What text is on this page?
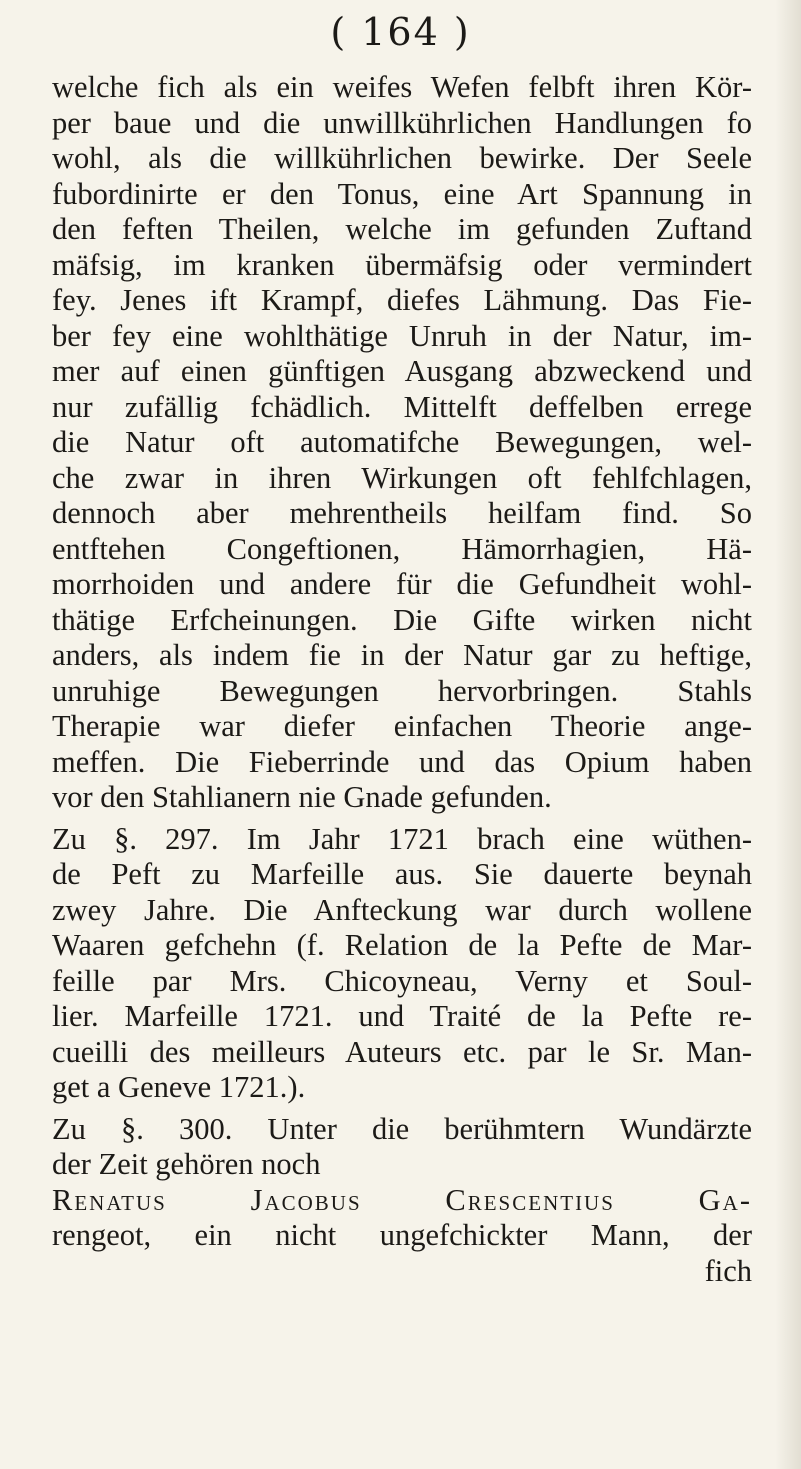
( 164 )
welche fich als ein weifes Wefen felbft ihren Kör-
per baue und die unwillkührlichen Handlungen fo
wohl, als die willkührlichen bewirke. Der Seele
fubordinirte er den Tonus, eine Art Spannung in
den feften Theilen, welche im gefunden Zuftand
mäfsig, im kranken übermäfsig oder vermindert
fey. Jenes ift Krampf, diefes Lähmung. Das Fie-
ber fey eine wohlthätige Unruh in der Natur, im-
mer auf einen günftigen Ausgang abzweckend und
nur zufällig fchädlich. Mittelft deffelben errege
die Natur oft automatifche Bewegungen, wel-
che zwar in ihren Wirkungen oft fehlfchlagen,
dennoch aber mehrentheils heilfam find. So
entftehen Congeftionen, Hämorrhagien, Hä-
morrhoiden und andere für die Gefundheit wohl-
thätige Erfcheinungen. Die Gifte wirken nicht
anders, als indem fie in der Natur gar zu heftige,
unruhige Bewegungen hervorbringen. Stahls
Therapie war diefer einfachen Theorie ange-
meffen. Die Fieberrinde und das Opium haben
vor den Stahlianern nie Gnade gefunden.
Zu §. 297. Im Jahr 1721 brach eine wüthen-
de Peft zu Marfeille aus. Sie dauerte beynah
zwey Jahre. Die Anfteckung war durch wollene
Waaren gefchehn (f. Relation de la Pefte de Mar-
feille par Mrs. Chicoyneau, Verny et Soul-
lier. Marfeille 1721. und Traité de la Pefte re-
cueilli des meilleurs Auteurs etc. par le Sr. Man-
get a Geneve 1721.).
Zu §. 300. Unter die berühmtern Wundärzte
der Zeit gehören noch
Renatus Jacobus Crescentius Ga-
rengeot, ein nicht ungefchickter Mann, der
fich
